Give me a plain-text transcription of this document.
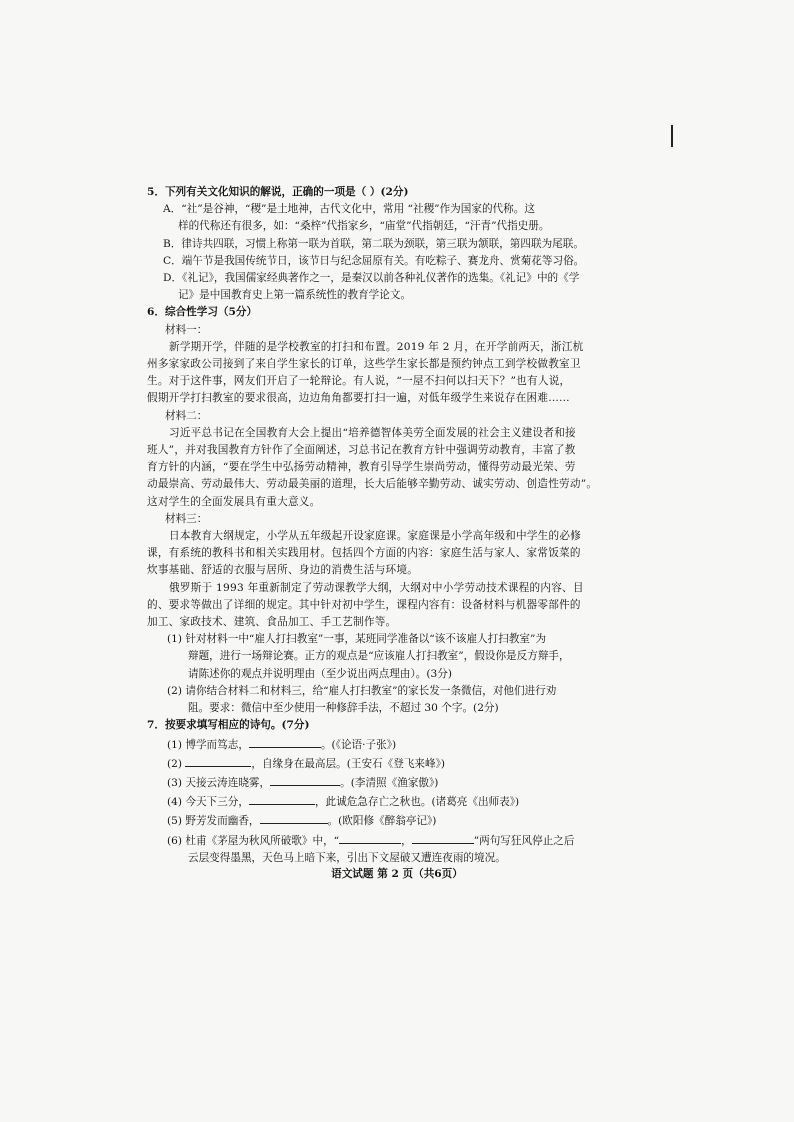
5．下列有关文化知识的解说，正确的一项是（ ）(2分)
A．“社”是谷神，“稷”是土地神，古代文化中，常用 “社稷”作为国家的代称。这
样的代称还有很多，如：“桑梓”代指家乡，“庙堂”代指朝廷，“汗青”代指史册。
B．律诗共四联，习惯上称第一联为首联，第二联为颈联，第三联为颔联，第四联为尾联。
C．端午节是我国传统节日，该节日与纪念屈原有关。有吃粽子、赛龙舟、赏菊花等习俗。
D．《礼记》，我国儒家经典著作之一，是秦汉以前各种礼仪著作的选集。《礼记》中的《学
记》是中国教育史上第一篇系统性的教育学论文。
6．综合性学习（5分）
材料一：
新学期开学，伴随的是学校教室的打扫和布置。2019 年 2 月，在开学前两天，浙江杭
州多家家政公司接到了来自学生家长的订单，这些学生家长都是预约钟点工到学校做教室卫
生。对于这件事，网友们开启了一轮辩论。有人说，“一屋不扫何以扫天下？”也有人说，
假期开学打扫教室的要求很高，边边角角都要打扫一遍，对低年级学生来说存在困难……
材料二：
习近平总书记在全国教育大会上提出“培养德智体美劳全面发展的社会主义建设者和接
班人”，并对我国教育方针作了全面阐述，习总书记在教育方针中强调劳动教育，丰富了教
育方针的内涵，“要在学生中弘扬劳动精神，教育引导学生崇尚劳动，懂得劳动最光荣、劳
动最崇高、劳动最伟大、劳动最美丽的道理，长大后能够辛勤劳动、诚实劳动、创造性劳动”。
这对学生的全面发展具有重大意义。
材料三：
日本教育大纲规定，小学从五年级起开设家庭课。家庭课是小学高年级和中学生的必修
课，有系统的教科书和相关实践用材。包括四个方面的内容：家庭生活与家人、家常饭菜的
炊事基础、舒适的衣服与居所、身边的消费生活与环境。
俄罗斯于 1993 年重新制定了劳动课教学大纲，大纲对中小学劳动技术课程的内容、目
的、要求等做出了详细的规定。其中针对初中学生，课程内容有：设备材料与机器零部件的
加工、家政技术、建筑、食品加工、手工艺制作等。
(1) 针对材料一中“雇人打扫教室”一事，某班同学准备以“该不该雇人打扫教室”为
辩题，进行一场辩论赛。正方的观点是“应该雇人打扫教室”，假设你是反方辩手，
请陈述你的观点并说明理由（至少说出两点理由）。(3分)
(2) 请你结合材料二和材料三，给“雇人打扫教室”的家长发一条微信，对他们进行劝
阻。要求：微信中至少使用一种修辞手法，不超过 30 个字。(2分)
7．按要求填写相应的诗句。(7分)
(1) 博学而笃志，	。(《论语·子张》)
(2)	，自缘身在最高层。(王安石《登飞来峰》)
(3) 天接云涛连晓雾，	。(李清照《渔家傲》)
(4) 今天下三分，	，此诚危急存亡之秋也。(诸葛亮《出师表》)
(5) 野芳发而幽香，	。(欧阳修《醉翁亭记》)
(6) 杜甫《茅屋为秋风所破歌》中，“	，	”两句写狂风停止之后
云层变得墨黑，天色马上暗下来，引出下文屋破又遭连夜雨的境况。
语文试题 第 2 页（共6页）
